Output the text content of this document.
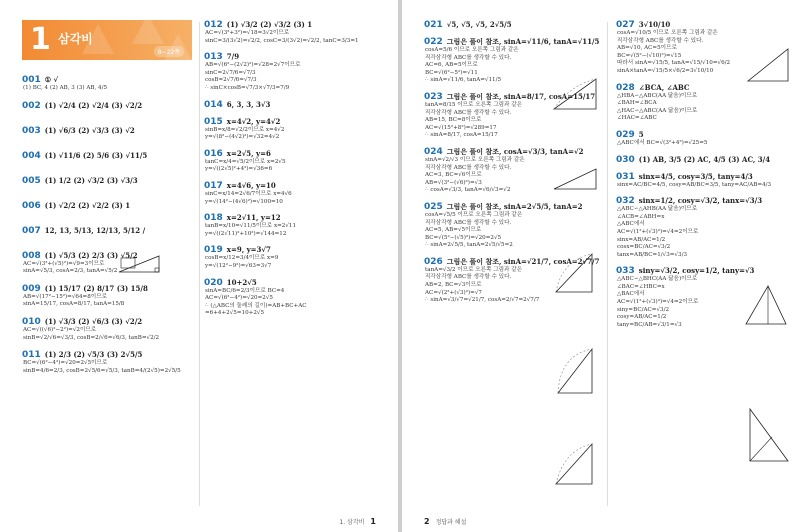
1 삼각비
8~22쪽
001 ① √
(1) BC, 4 (2) AB, 3 (3) AB, 4/5
002 (1) √2/4 (2) √2/4 (3) √2/2
003 (1) √6/3 (2) √3/3 (3) √2
004 (1) √11/6 (2) 5/6 (3) √11/5
005 (1) 1/2 (2) √3/2 (3) √3/3
006 (1) √2/2 (2) √2/2 (3) 1
007 12, 13, 5/13, 12/13, 5/12 /
008 (1) √5/3 (2) 2/3 (3) √5/2
AC=√(3²+(√5)²)=√9=3이므로
sinA=√5/3, cosA=2/3, tanA=√5/2
009 (1) 15/17 (2) 8/17 (3) 15/8
AB=√(17²−15²)=√64=8이므로
sinA=15/17, cosA=8/17, tanA=15/8
010 (1) √3/3 (2) √6/3 (3) √2/2
AC=√((√6)²−2²)=√2이므로
sinB=√2/√6=√3/3, cosB=2/√6=√6/3, tanB=√2/2
011 (1) 2/3 (2) √5/3 (3) 2√5/5
BC=√(6²−4²)=√20=2√5이므로
sinB=4/6=2/3, cosB=2√5/6=√5/3, tanB=4/(2√5)=2√5/5
012 (1) √3/2 (2) √3/2 (3) 1
AC=√(3²+3²)=√18=3√2이므로
sinC=3/(3√2)=√2/2, cosC=3/(3√2)=√2/2, tanC=3/3=1
013 7/9
AB=√(6²−(2√2)²)=√28=2√7이므로
sinC=2√7/6=√7/3
cosB=2√7/6=√7/3
∴ sinC×cosB=√7/3×√7/3=7/9
014 6, 3, 3, 3√3
015 x=4√2, y=4√2
sinB=x/8=√2/2이므로 x=4√2
y=√(8²−(4√2)²)=√32=4√2
016 x=2√5, y=6
tanC=x/4=√5/2이므로 x=2√5
y=√((2√5)²+4²)=√36=6
017 x=4√6, y=10
sinC=x/14=2√6/7이므로 x=4√6
y=√(14²−(4√6)²)=√100=10
018 x=2√11, y=12
tanB=x/10=√11/5이므로 x=2√11
y=√((2√11)²+10²)=√144=12
019 x=9, y=3√7
cosB=x/12=3/4이므로 x=9
y=√(12²−9²)=√63=3√7
020 10+2√5
sinA=BC/6=2/3이므로 BC=4
AC=√(6²−4²)=√20=2√5
∴ (△ABC의 둘레의 길이)=AB+BC+AC
=6+4+2√5=10+2√5
1. 삼각비 1
021 √5, √5, √5, 2√5/5
022 그림은 풀이 참조, sinA=√11/6, tanA=√11/5
cosA=5/6 이므로 오른쪽 그림과 같은
직각삼각형 ABC를 생각할 수 있다.
AC=6, AB=5이므로
BC=√(6²−5²)=√11
∴ sinA=√11/6, tanA=√11/5
023 그림은 풀이 참조, sinA=8/17, cosA=15/17
tanA=8/15 이므로 오른쪽 그림과 같은
직각삼각형 ABC를 생각할 수 있다.
AB=15, BC=8이므로
AC=√(15²+8²)=√289=17
∴ sinA=8/17, cosA=15/17
024 그림은 풀이 참조, cosA=√3/3, tanA=√2
sinA=√2/√3 이므로 오른쪽 그림과 같은
직각삼각형 ABC를 생각할 수 있다.
AC=3, BC=√6이므로
AB=√(3²−(√6)²)=√3
∴ cosA=√3/3, tanA=√6/√3=√2
025 그림은 풀이 참조, sinA=2√5/5, tanA=2
cosA=√5/5 이므로 오른쪽 그림과 같은
직각삼각형 ABC를 생각할 수 있다.
AC=5, AB=√5이므로
BC=√(5²−(√5)²)=√20=2√5
∴ sinA=2√5/5, tanA=2√5/√5=2
026 그림은 풀이 참조, sinA=√21/7, cosA=2√7/7
tanA=√3/2 이므로 오른쪽 그림과 같은
직각삼각형 ABC를 생각할 수 있다.
AB=2, BC=√3이므로
AC=√(2²+(√3)²)=√7
∴ sinA=√3/√7=√21/7, cosA=2/√7=2√7/7
027 3√10/10
cosA=√10/5 이므로 오른쪽 그림과 같은
직각삼각형 ABC를 생각할 수 있다.
AB=√10, AC=5이므로
BC=√(5²−(√10)²)=√15
따라서 sinA=√15/5, tanA=√15/√10=√6/2
sinA×tanA=√15/5×√6/2=3√10/10
028 ∠BCA, ∠ABC
△HBA∽△ABC(AA 닮음)이므로
∠BAH=∠BCA
△HAC∽△ABC(AA 닮음)이므로
∠HAC=∠ABC
029 5
△ABC에서 BC=√(3²+4²)=√25=5
030 (1) AB, 3/5 (2) AC, 4/5 (3) AC, 3/4
031 sinx=4/5, cosy=3/5, tany=4/3
sinx=AC/BC=4/5, cosy=AB/BC=3/5, tany=AC/AB=4/3
032 sinx=1/2, cosy=√3/2, tanx=√3/3
△ABC∽△AHB(AA 닮음)이므로
∠ACB=∠ABH=x
△ABC에서
AC=√(1²+(√3)²)=√4=2이므로
sinx=AB/AC=1/2
cosx=BC/AC=√3/2
tanx=AB/BC=1/√3=√3/3
033 siny=√3/2, cosy=1/2, tany=√3
△ABC∽△BHC(AA 닮음)이므로
∠BAC=∠HBC=x
△BAC에서
AC=√(1²+(√3)²)=√4=2이므로
siny=BC/AC=√3/2
cosy=AB/AC=1/2
tany=BC/AB=√3/1=√3
2 정답과 해설
